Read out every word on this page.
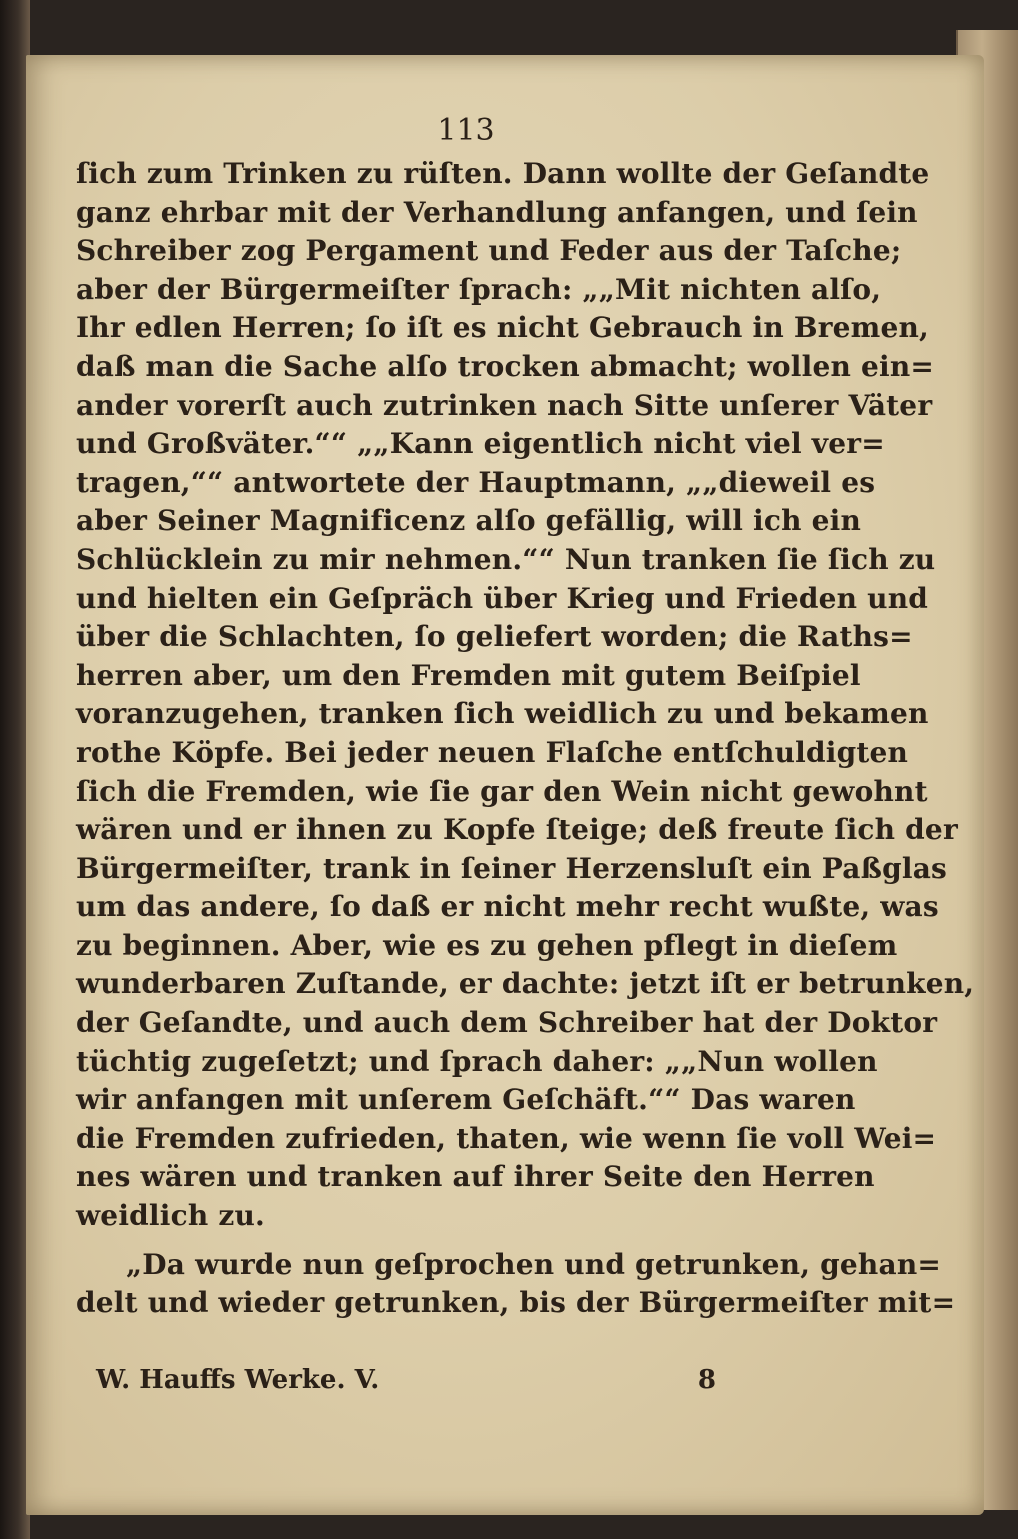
113
ſich zum Trinken zu rüſten. Dann wollte der Geſandte
ganz ehrbar mit der Verhandlung anfangen, und ſein
Schreiber zog Pergament und Feder aus der Taſche;
aber der Bürgermeiſter ſprach: „„Mit nichten alſo,
Ihr edlen Herren; ſo iſt es nicht Gebrauch in Bremen,
daß man die Sache alſo trocken abmacht; wollen ein=
ander vorerſt auch zutrinken nach Sitte unſerer Väter
und Großväter.““ „„Kann eigentlich nicht viel ver=
tragen,““ antwortete der Hauptmann, „„dieweil es
aber Seiner Magnificenz alſo gefällig, will ich ein
Schlücklein zu mir nehmen.““ Nun tranken ſie ſich zu
und hielten ein Geſpräch über Krieg und Frieden und
über die Schlachten, ſo geliefert worden; die Raths=
herren aber, um den Fremden mit gutem Beiſpiel
voranzugehen, tranken ſich weidlich zu und bekamen
rothe Köpfe. Bei jeder neuen Flaſche entſchuldigten
ſich die Fremden, wie ſie gar den Wein nicht gewohnt
wären und er ihnen zu Kopfe ſteige; deß freute ſich der
Bürgermeiſter, trank in ſeiner Herzensluſt ein Paßglas
um das andere, ſo daß er nicht mehr recht wußte, was
zu beginnen. Aber, wie es zu gehen pflegt in dieſem
wunderbaren Zuſtande, er dachte: jetzt iſt er betrunken,
der Geſandte, und auch dem Schreiber hat der Doktor
tüchtig zugeſetzt; und ſprach daher: „„Nun wollen
wir anfangen mit unſerem Geſchäft.““ Das waren
die Fremden zufrieden, thaten, wie wenn ſie voll Wei=
nes wären und tranken auf ihrer Seite den Herren
weidlich zu.
„Da wurde nun geſprochen und getrunken, gehan=
delt und wieder getrunken, bis der Bürgermeiſter mit=
W. Hauffs Werke. V.	8
